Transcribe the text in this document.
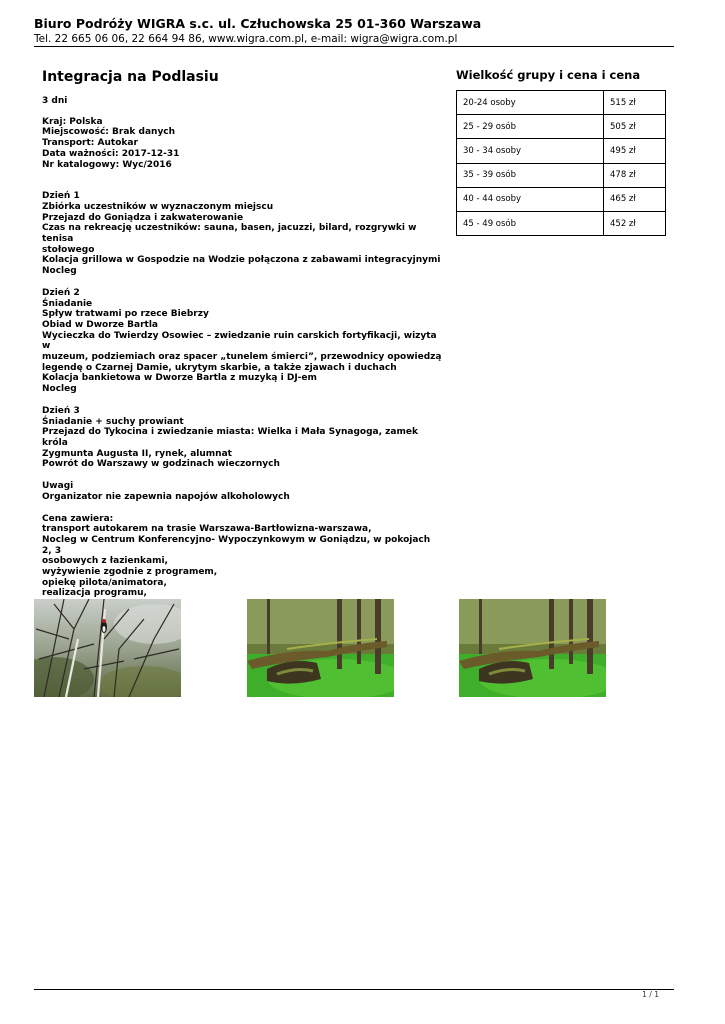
Biuro Podróży WIGRA s.c. ul. Człuchowska 25 01-360 Warszawa
Tel. 22 665 06 06, 22 664 94 86, www.wigra.com.pl, e-mail: wigra@wigra.com.pl
Integracja na Podlasiu
3 dni
Kraj: Polska
Miejscowość: Brak danych
Transport: Autokar
Data ważności: 2017-12-31
Nr katalogowy: Wyc/2016
Dzień 1
Zbiórka uczestników w wyznaczonym miejscu
Przejazd do Goniądza i zakwaterowanie
Czas na rekreację uczestników: sauna, basen, jacuzzi, bilard, rozgrywki w tenisa
stołowego
Kolacja grillowa w Gospodzie na Wodzie połączona z zabawami integracyjnymi
Nocleg
Dzień 2
Śniadanie
Spływ tratwami po rzece Biebrzy
Obiad w Dworze Bartla
Wycieczka do Twierdzy Osowiec – zwiedzanie ruin carskich fortyfikacji, wizyta w
muzeum, podziemiach oraz spacer „tunelem śmierci”, przewodnicy opowiedzą
legendę o Czarnej Damie, ukrytym skarbie, a także zjawach i duchach
Kolacja bankietowa w Dworze Bartla z muzyką i DJ-em
Nocleg
Dzień 3
Śniadanie + suchy prowiant
Przejazd do Tykocina i zwiedzanie miasta: Wielka i Mała Synagoga, zamek króla
Zygmunta Augusta II, rynek, alumnat
Powrót do Warszawy w godzinach wieczornych
Uwagi
Organizator nie zapewnia napojów alkoholowych
Cena zawiera:
transport autokarem na trasie Warszawa-Bartłowizna-warszawa,
Nocleg w Centrum Konferencyjno- Wypoczynkowym w Goniądzu, w pokojach 2, 3
osobowych z łazienkami,
wyżywienie zgodnie z programem,
opiekę pilota/animatora,
realizacja programu,
Wielkość grupy i cena i cena
20-24 osoby	515 zł
25 - 29 osób	505 zł
30 - 34 osoby	495 zł
35 - 39 osób	478 zł
40 - 44 osoby	465 zł
45 - 49 osób	452 zł
1 / 1
